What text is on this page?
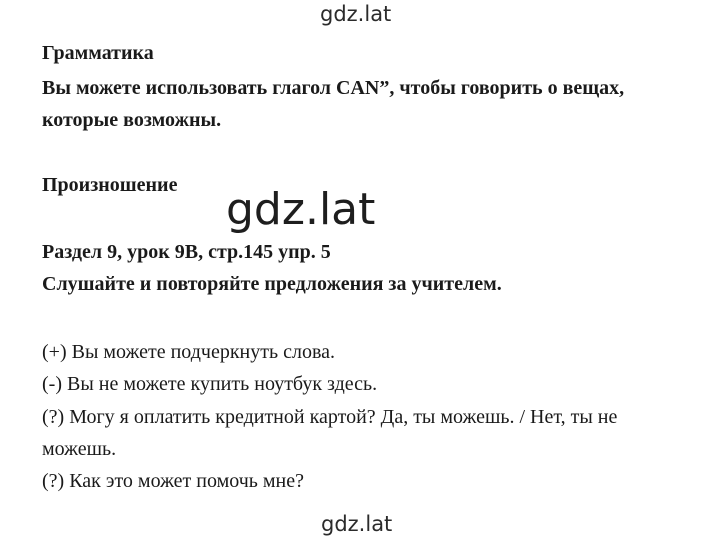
gdz.lat
Грамматика
Вы можете использовать глагол CAN”, чтобы говорить о вещах,
которые возможны.
Произношение gdz.lat
Раздел 9, урок 9В, стр.145 упр. 5
Слушайте и повторяйте предложения за учителем.
(+) Вы можете подчеркнуть слова.
(-) Вы не можете купить ноутбук здесь.
(?) Могу я оплатить кредитной картой? Да, ты можешь. / Нет, ты не
можешь.
(?) Как это может помочь мне?
gdz.lat
